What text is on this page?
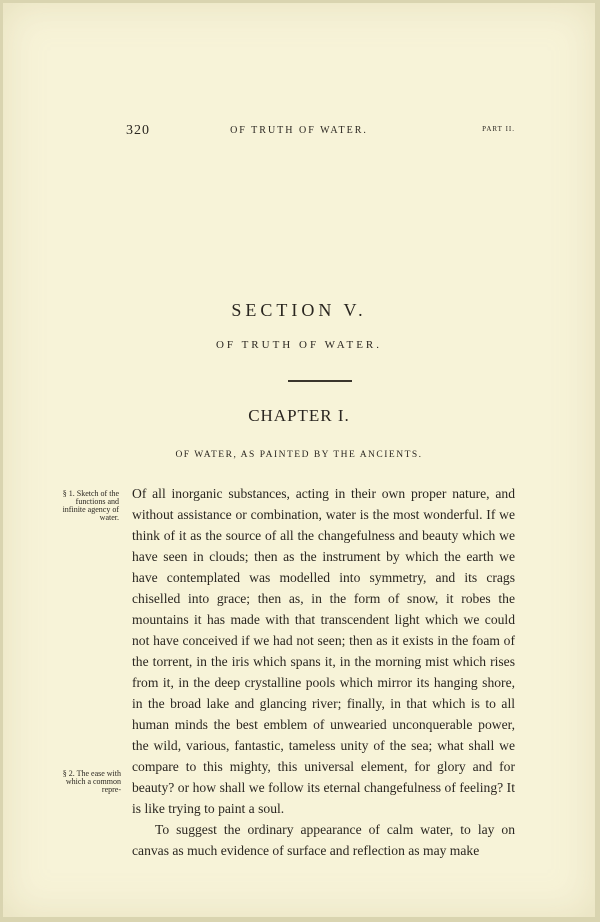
320	OF TRUTH OF WATER.	PART II.
SECTION V.
OF TRUTH OF WATER.
CHAPTER I.
OF WATER, AS PAINTED BY THE ANCIENTS.
§ 1. Sketch of the functions and infinite agency of water.
§ 2. The ease with which a common repre-

Of all inorganic substances, acting in their own proper nature, and without assistance or combination, water is the most wonderful. If we think of it as the source of all the changefulness and beauty which we have seen in clouds; then as the instrument by which the earth we have contemplated was modelled into symmetry, and its crags chiselled into grace; then as, in the form of snow, it robes the mountains it has made with that transcendent light which we could not have conceived if we had not seen; then as it exists in the foam of the torrent, in the iris which spans it, in the morning mist which rises from it, in the deep crystalline pools which mirror its hanging shore, in the broad lake and glancing river; finally, in that which is to all human minds the best emblem of unwearied unconquerable power, the wild, various, fantastic, tameless unity of the sea; what shall we compare to this mighty, this universal element, for glory and for beauty? or how shall we follow its eternal changefulness of feeling? It is like trying to paint a soul.

To suggest the ordinary appearance of calm water, to lay on canvas as much evidence of surface and reflection as may make
